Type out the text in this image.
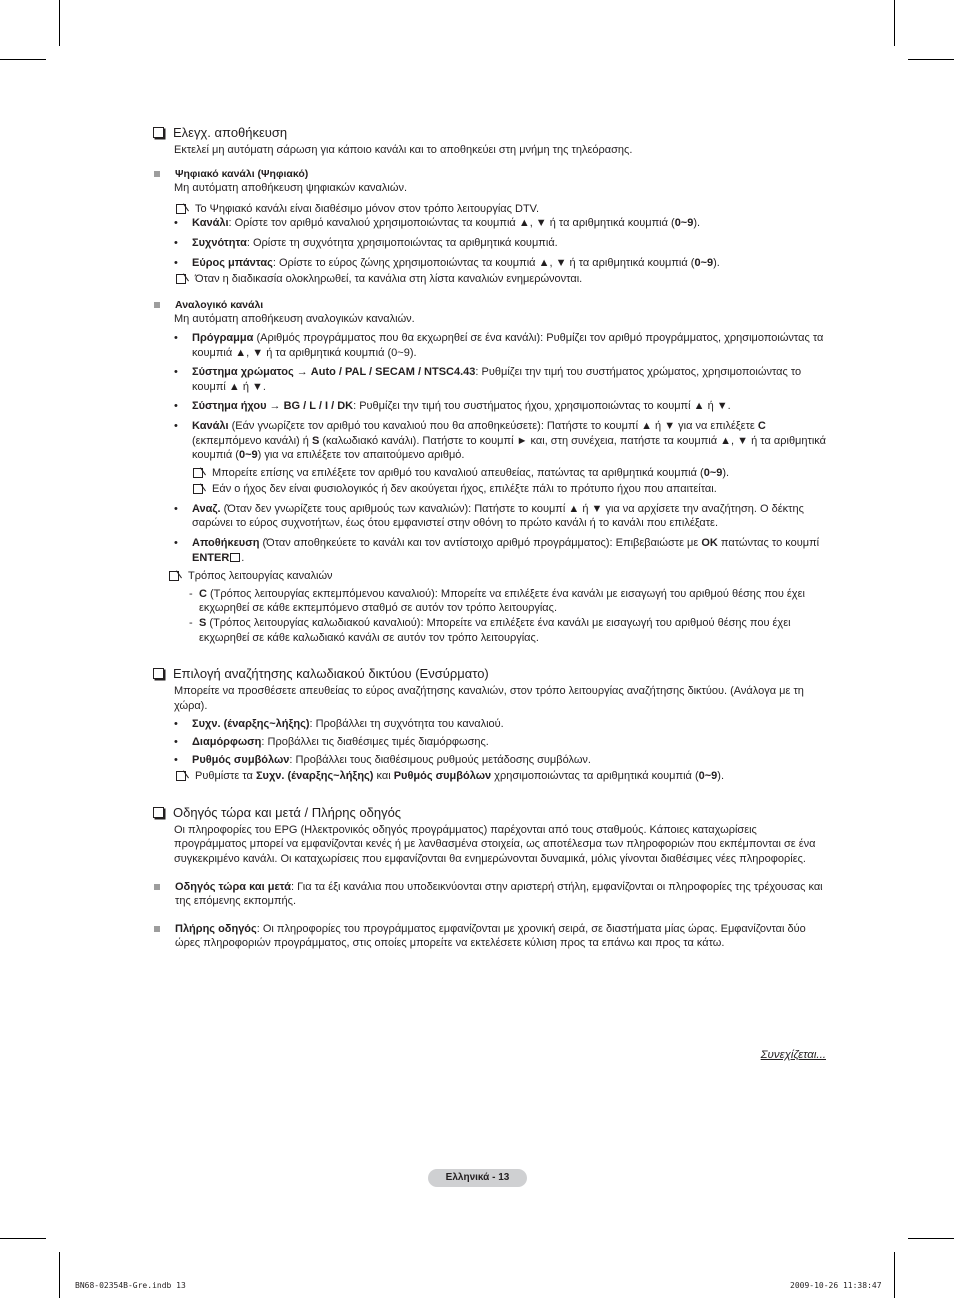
Ελεγχ. αποθήκευση

Εκτελεί μη αυτόματη σάρωση για κάποιο κανάλι και το αποθηκεύει στη μνήμη της τηλεόρασης.

Ψηφιακό κανάλι (Ψηφιακό)

Μη αυτόματη αποθήκευση ψηφιακών καναλιών.

Το Ψηφιακό κανάλι είναι διαθέσιμο μόνον στον τρόπο λειτουργίας DTV.
•	Κανάλι: Ορίστε τον αριθμό καναλιού χρησιμοποιώντας τα κουμπιά ▲, ▼ ή τα αριθμητικά κουμπιά (0~9).
•	Συχνότητα: Ορίστε τη συχνότητα χρησιμοποιώντας τα αριθμητικά κουμπιά.
•	Εύρος μπάντας: Ορίστε το εύρος ζώνης χρησιμοποιώντας τα κουμπιά ▲, ▼ ή τα αριθμητικά κουμπιά (0~9).
Όταν η διαδικασία ολοκληρωθεί, τα κανάλια στη λίστα καναλιών ενημερώνονται.
Αναλογικό κανάλι

Μη αυτόματη αποθήκευση αναλογικών καναλιών.

•	Πρόγραμμα (Αριθμός προγράμματος που θα εκχωρηθεί σε ένα κανάλι): Ρυθμίζει τον αριθμό προγράμματος, χρησιμοποιώντας τα κουμπιά ▲, ▼ ή τα αριθμητικά κουμπιά (0~9).
•	Σύστημα χρώματος → Auto / PAL / SECAM / NTSC4.43: Ρυθμίζει την τιμή του συστήματος χρώματος, χρησιμοποιώντας το κουμπί ▲ ή ▼.
•	Σύστημα ήχου → BG / L / I / DK: Ρυθμίζει την τιμή του συστήματος ήχου, χρησιμοποιώντας το κουμπί ▲ ή ▼.
•	Κανάλι (Εάν γνωρίζετε τον αριθμό του καναλιού που θα αποθηκεύσετε): Πατήστε το κουμπί ▲ ή ▼ για να επιλέξετε C (εκπεμπόμενο κανάλι) ή S (καλωδιακό κανάλι). Πατήστε το κουμπί ► και, στη συνέχεια, πατήστε τα κουμπιά ▲, ▼ ή τα αριθμητικά κουμπιά (0~9) για να επιλέξετε τον απαιτούμενο αριθμό.
Μπορείτε επίσης να επιλέξετε τον αριθμό του καναλιού απευθείας, πατώντας τα αριθμητικά κουμπιά (0~9).
Εάν ο ήχος δεν είναι φυσιολογικός ή δεν ακούγεται ήχος, επιλέξτε πάλι το πρότυπο ήχου που απαιτείται.
•	Αναζ. (Όταν δεν γνωρίζετε τους αριθμούς των καναλιών): Πατήστε το κουμπί ▲ ή ▼ για να αρχίσετε την αναζήτηση. Ο δέκτης σαρώνει το εύρος συχνοτήτων, έως ότου εμφανιστεί στην οθόνη το πρώτο κανάλι ή το κανάλι που επιλέξατε.
•	Αποθήκευση (Όταν αποθηκεύετε το κανάλι και τον αντίστοιχο αριθμό προγράμματος): Επιβεβαιώστε με OK πατώντας το κουμπί ENTER .
Τρόπος λειτουργίας καναλιών
- C (Τρόπος λειτουργίας εκπεμπόμενου καναλιού): Μπορείτε να επιλέξετε ένα κανάλι με εισαγωγή του αριθμού θέσης που έχει εκχωρηθεί σε κάθε εκπεμπόμενο σταθμό σε αυτόν τον τρόπο λειτουργίας.
- S (Τρόπος λειτουργίας καλωδιακού καναλιού): Μπορείτε να επιλέξετε ένα κανάλι με εισαγωγή του αριθμού θέσης που έχει εκχωρηθεί σε κάθε καλωδιακό κανάλι σε αυτόν τον τρόπο λειτουργίας.
Επιλογή αναζήτησης καλωδιακού δικτύου (Ενσύρματο)

Μπορείτε να προσθέσετε απευθείας το εύρος αναζήτησης καναλιών, στον τρόπο λειτουργίας αναζήτησης δικτύου. (Ανάλογα με τη χώρα).

•	Συχν. (έναρξης~λήξης): Προβάλλει τη συχνότητα του καναλιού.
•	Διαμόρφωση: Προβάλλει τις διαθέσιμες τιμές διαμόρφωσης.
•	Ρυθμός συμβόλων: Προβάλλει τους διαθέσιμους ρυθμούς μετάδοσης συμβόλων.
Ρυθμίστε τα Συχν. (έναρξης~λήξης) και Ρυθμός συμβόλων χρησιμοποιώντας τα αριθμητικά κουμπιά (0~9).
Οδηγός τώρα και μετά / Πλήρης οδηγός

Οι πληροφορίες του EPG (Ηλεκτρονικός οδηγός προγράμματος) παρέχονται από τους σταθμούς. Κάποιες καταχωρίσεις προγράμματος μπορεί να εμφανίζονται κενές ή με λανθασμένα στοιχεία, ως αποτέλεσμα των πληροφοριών που εκπέμπονται σε ένα συγκεκριμένο κανάλι. Οι καταχωρίσεις που εμφανίζονται θα ενημερώνονται δυναμικά, μόλις γίνονται διαθέσιμες νέες πληροφορίες.

Οδηγός τώρα και μετά: Για τα έξι κανάλια που υποδεικνύονται στην αριστερή στήλη, εμφανίζονται οι πληροφορίες της τρέχουσας και της επόμενης εκπομπής.
Πλήρης οδηγός: Οι πληροφορίες του προγράμματος εμφανίζονται με χρονική σειρά, σε διαστήματα μίας ώρας. Εμφανίζονται δύο ώρες πληροφοριών προγράμματος, στις οποίες μπορείτε να εκτελέσετε κύλιση προς τα επάνω και προς τα κάτω.
Συνεχίζεται...
Ελληνικά - 13
BN68-02354B-Gre.indb 13	2009-10-26 11:38:47
